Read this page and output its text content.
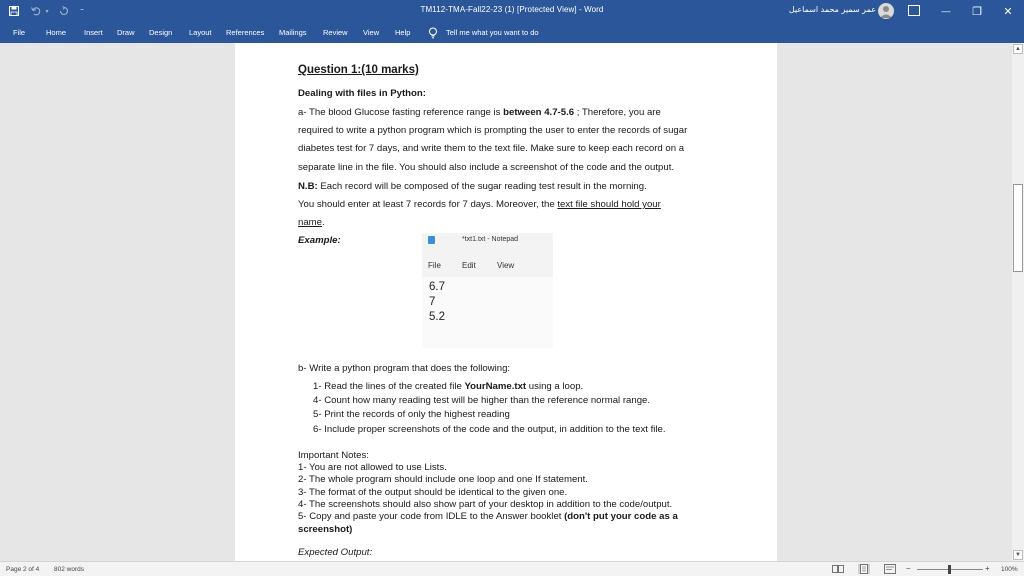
▾	⁼	TM112-TMA-Fall22-23 (1) [Protected View] - Word	عمر سمير محمد اسماعيل	—	❐	✕
File	Home Insert Draw Design Layout References Mailings Review View Help	Tell me what you want to do
Question 1:(10 marks)
Dealing with files in Python:
a- The blood Glucose fasting reference range is between 4.7-5.6 ; Therefore, you are
required to write a python program which is prompting the user to enter the records of sugar
diabetes test for 7 days, and write them to the text file. Make sure to keep each record on a
separate line in the file. You should also include a screenshot of the code and the output.
N.B: Each record will be composed of the sugar reading test result in the morning.
You should enter at least 7 records for 7 days. Moreover, the text file should hold your
name.
Example:	*txt1.txt - Notepad
File	Edit	View
6.7
7
5.2
b- Write a python program that does the following:
1- Read the lines of the created file YourName.txt using a loop.
4- Count how many reading test will be higher than the reference normal range.
5- Print the records of only the highest reading
6- Include proper screenshots of the code and the output, in addition to the text file.
Important Notes:
1- You are not allowed to use Lists.
2- The whole program should include one loop and one If statement.
3- The format of the output should be identical to the given one.
4- The screenshots should also show part of your desktop in addition to the code/output.
5- Copy and paste your code from IDLE to the Answer booklet (don't put your code as a
screenshot)
Expected Output:
▲
▼
Page 2 of 4 802 words	−	+ 100%
